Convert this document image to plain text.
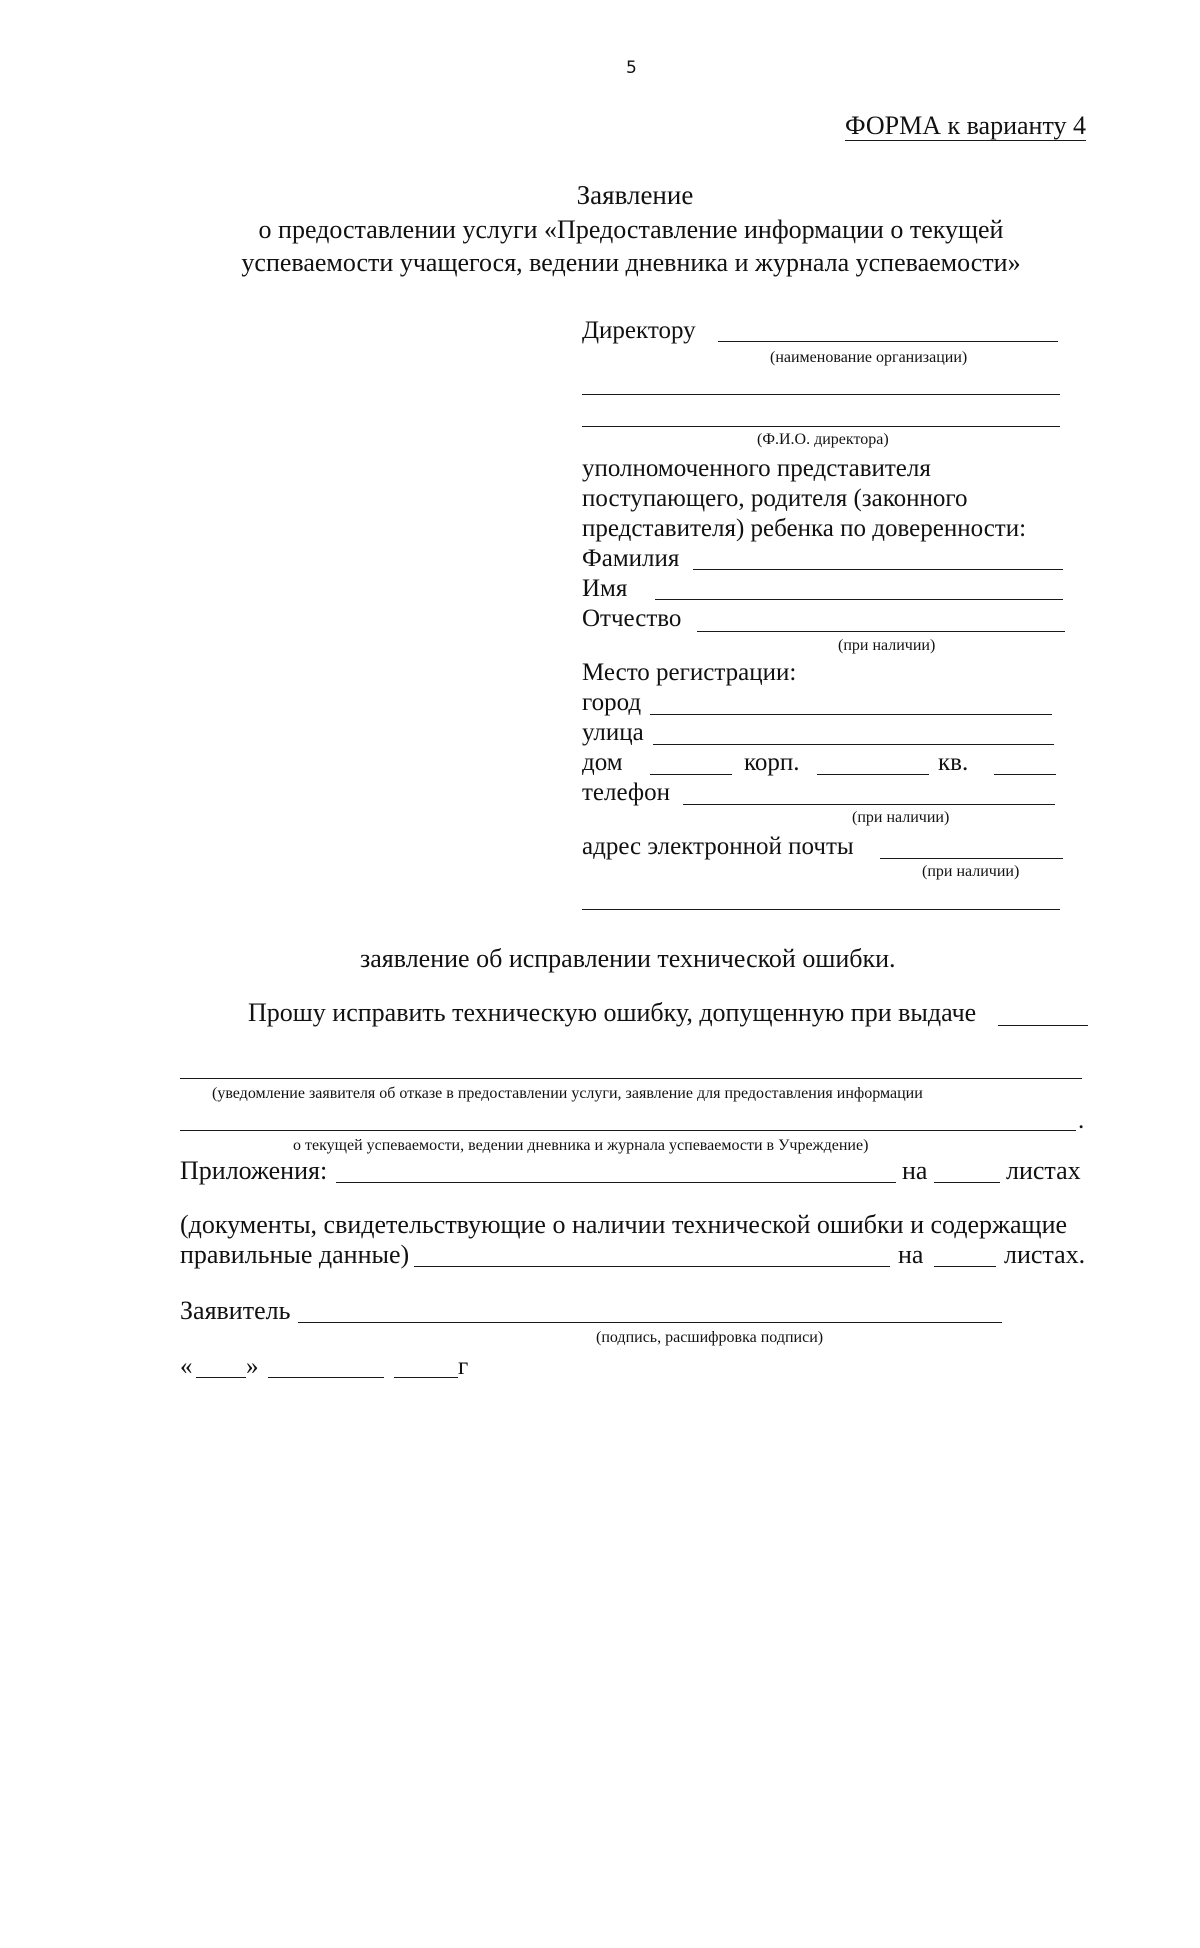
5
ФОРМА к варианту 4
Заявление
о предоставлении услуги «Предоставление информации о текущей
успеваемости учащегося, ведении дневника и журнала успеваемости»
Директору
(наименование организации)
(Ф.И.О. директора)
уполномоченного представителя
поступающего, родителя (законного
представителя) ребенка по доверенности:
Фамилия
Имя
Отчество
(при наличии)
Место регистрации:
город
улица
дом	корп.	кв.
телефон
(при наличии)
адрес электронной почты
(при наличии)
заявление об исправлении технической ошибки.
Прошу исправить техническую ошибку, допущенную при выдаче
(уведомление заявителя об отказе в предоставлении услуги, заявление для предоставления информации
.
о текущей успеваемости, ведении дневника и журнала успеваемости в Учреждение)
Приложения:	на	листах
(документы, свидетельствующие о наличии технической ошибки и содержащие
правильные данные)	на	листах.
Заявитель
(подпись, расшифровка подписи)
« »	г
